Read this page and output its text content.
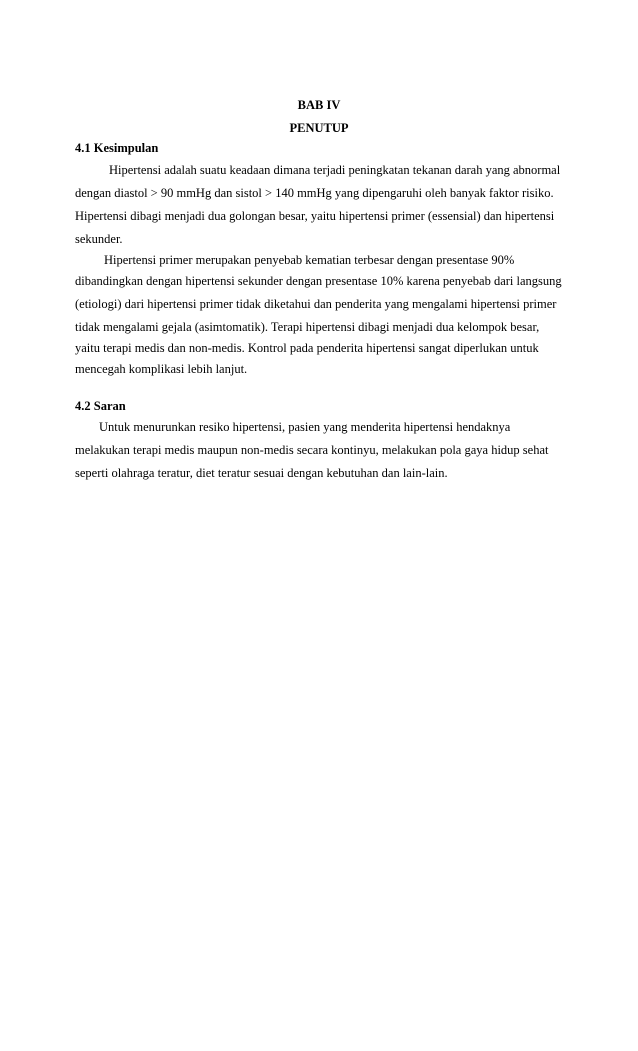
BAB IV
PENUTUP
4.1 Kesimpulan

Hipertensi adalah suatu keadaan dimana terjadi peningkatan tekanan darah yang abnormal

dengan diastol > 90 mmHg dan sistol > 140 mmHg yang dipengaruhi oleh banyak faktor risiko.

Hipertensi dibagi menjadi dua golongan besar, yaitu hipertensi primer (essensial) dan hipertensi

sekunder.

Hipertensi primer merupakan penyebab kematian terbesar dengan presentase 90%

dibandingkan dengan hipertensi sekunder dengan presentase 10% karena penyebab dari langsung

(etiologi) dari hipertensi primer tidak diketahui dan penderita yang mengalami hipertensi primer

tidak mengalami gejala (asimtomatik). Terapi hipertensi dibagi menjadi dua kelompok besar,

yaitu terapi medis dan non-medis. Kontrol pada penderita hipertensi sangat diperlukan untuk

mencegah komplikasi lebih lanjut.

4.2 Saran

Untuk menurunkan resiko hipertensi, pasien yang menderita hipertensi hendaknya

melakukan terapi medis maupun non-medis secara kontinyu, melakukan pola gaya hidup sehat

seperti olahraga teratur, diet teratur sesuai dengan kebutuhan dan lain-lain.
